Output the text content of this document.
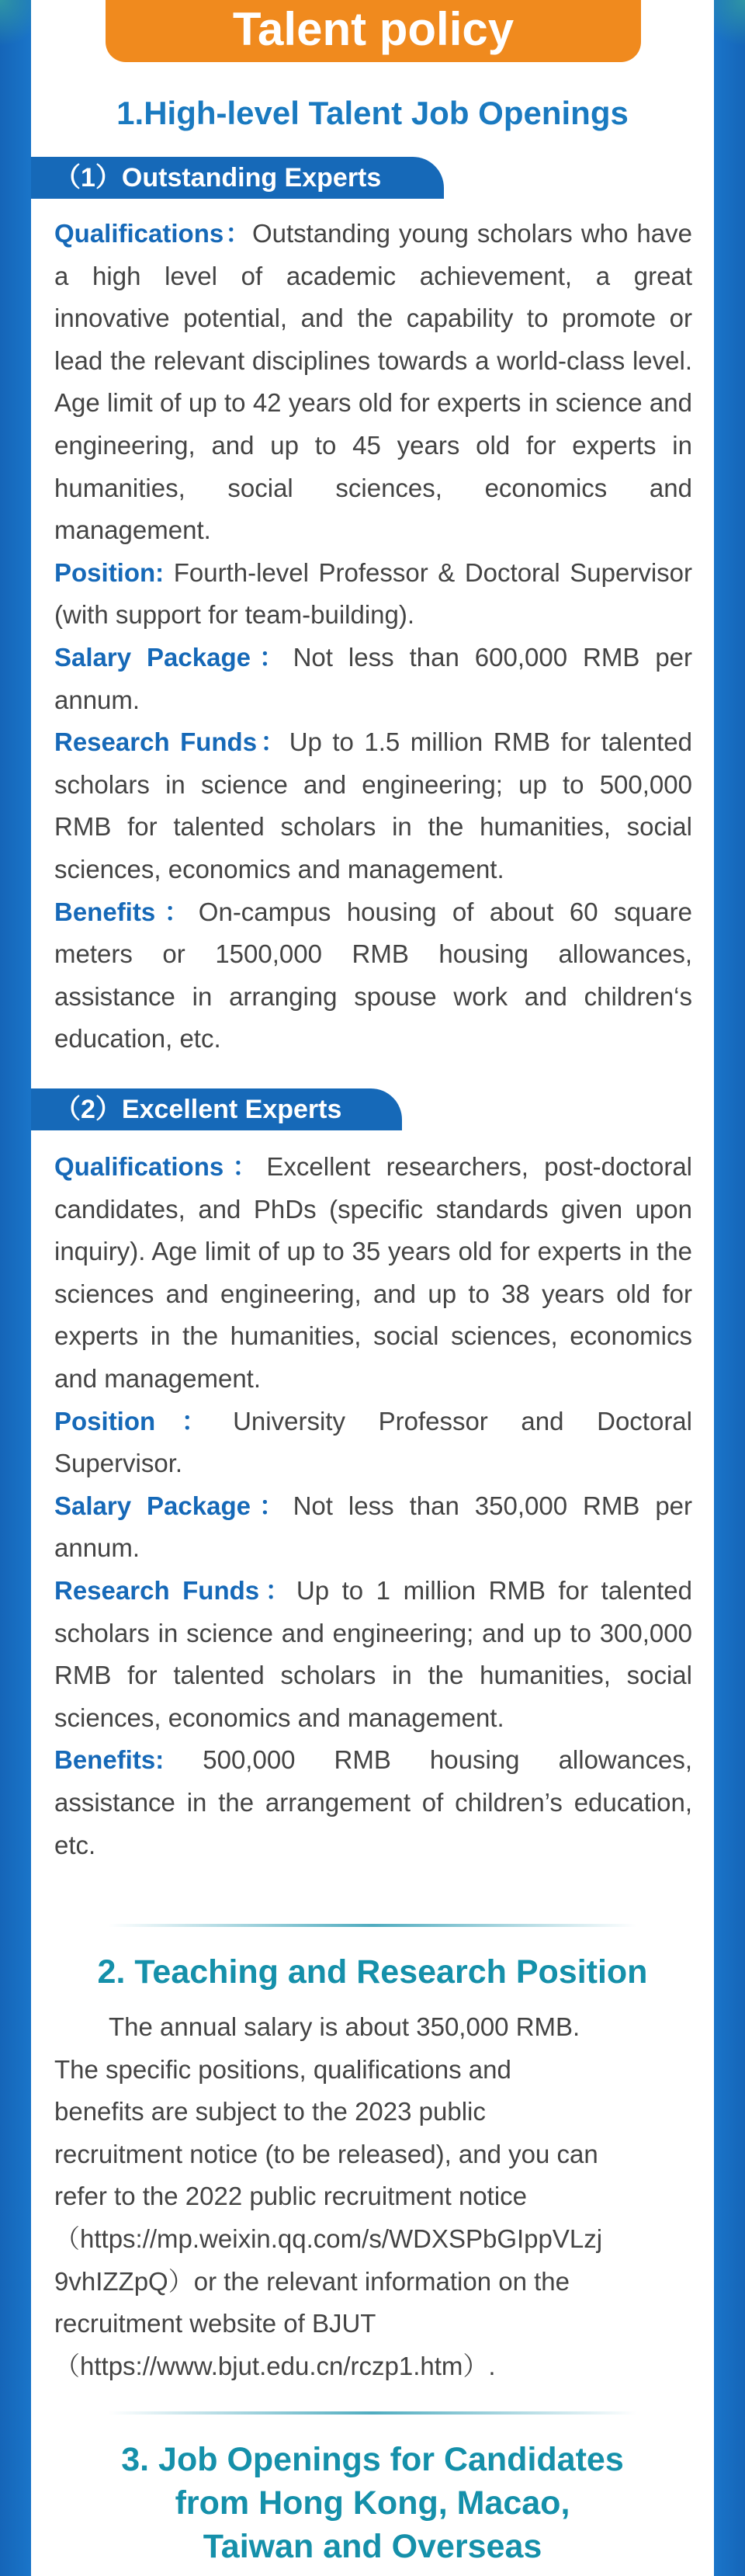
Talent policy
1.High-level Talent Job Openings
（1）Outstanding Experts

Qualifications：Outstanding young scholars who have a high level of academic achievement, a great innovative potential, and the capability to promote or lead the relevant disciplines towards a world-class level. Age limit of up to 42 years old for experts in science and engineering, and up to 45 years old for experts in humanities, social sciences, economics and management.

Position: Fourth-level Professor & Doctoral Supervisor (with support for team-building).

Salary Package：Not less than 600,000 RMB per annum.

Research Funds：Up to 1.5 million RMB for talented scholars in science and engineering; up to 500,000 RMB for talented scholars in the humanities, social sciences, economics and management.

Benefits：On-campus housing of about 60 square meters or 1500,000 RMB housing allowances, assistance in arranging spouse work and children‘s education, etc.

（2）Excellent Experts

Qualifications：Excellent researchers, post-doctoral candidates, and PhDs (specific standards given upon inquiry). Age limit of up to 35 years old for experts in the sciences and engineering, and up to 38 years old for experts in the humanities, social sciences, economics and management.

Position：University Professor and Doctoral Supervisor.

Salary Package：Not less than 350,000 RMB per annum.

Research Funds：Up to 1 million RMB for talented scholars in science and engineering; and up to 300,000 RMB for talented scholars in the humanities, social sciences, economics and management.

Benefits: 500,000 RMB housing allowances, assistance in the arrangement of children’s education, etc.

2. Teaching and Research Position
The annual salary is about 350,000 RMB.
The specific positions, qualifications and
benefits are subject to the 2023 public
recruitment notice (to be released), and you can
refer to the 2022 public recruitment notice
（https://mp.weixin.qq.com/s/WDXSPbGIppVLzj
9vhIZZpQ）or the relevant information on the
recruitment website of BJUT
（https://www.bjut.edu.cn/rczp1.htm）.
3. Job Openings for Candidates
from Hong Kong, Macao,
Taiwan and Overseas
